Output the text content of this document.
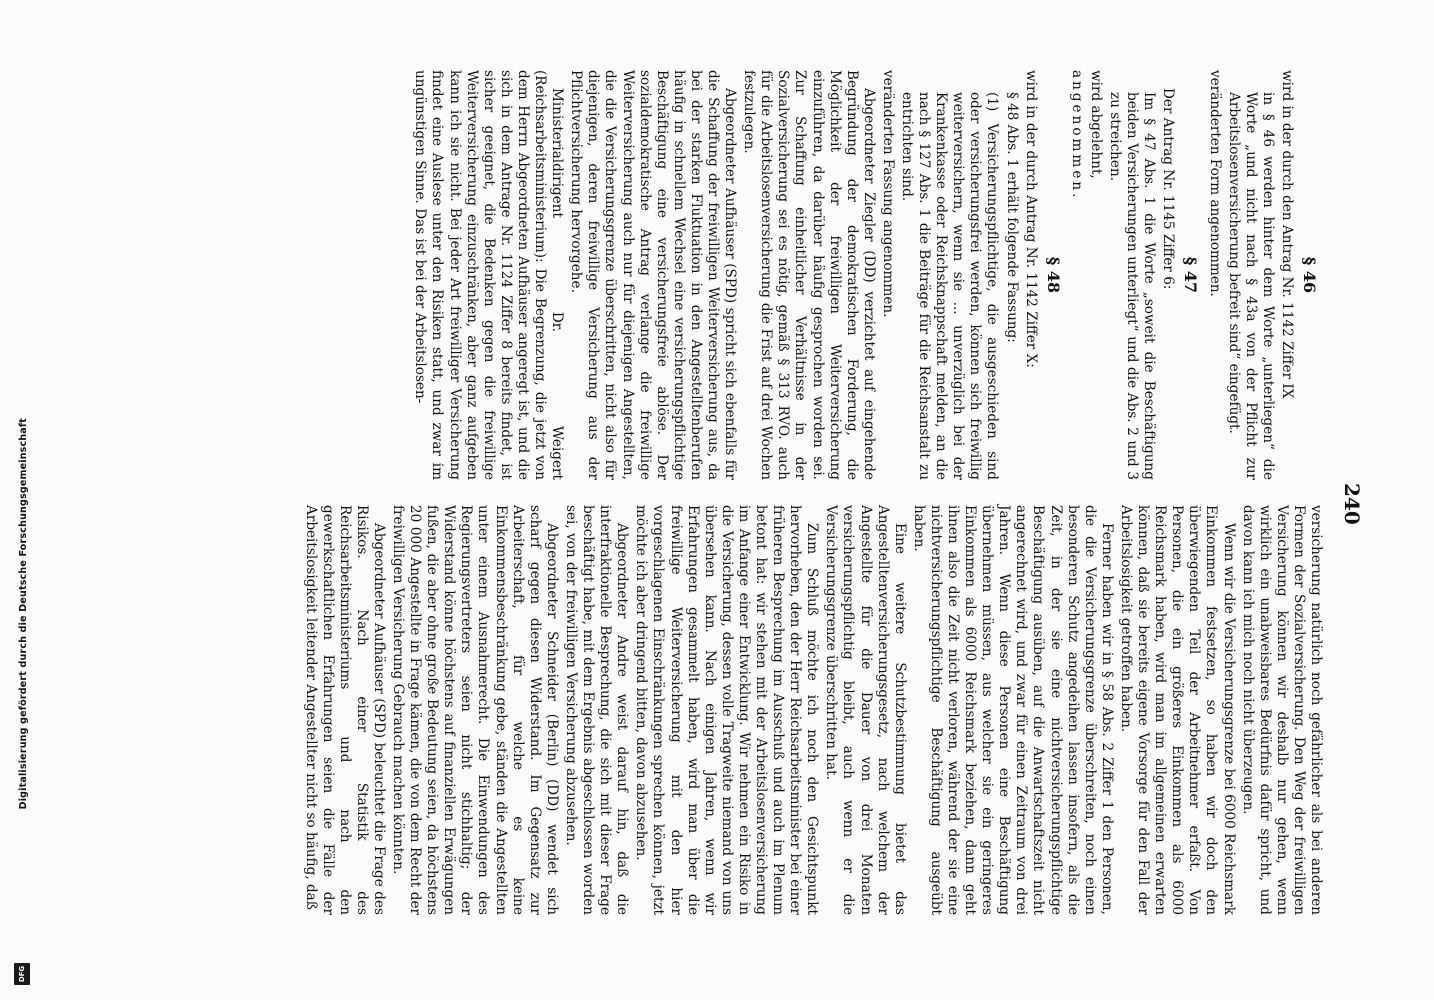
240
§ 46

wird in der durch den Antrag Nr. 1142 Ziffer IX

in § 46 werden hinter dem Worte „unterliegen“ die Worte „und nicht nach § 43a von der Pflicht zur Arbeitslosenversicherung befreit sind“ eingefügt.

veränderten Form angenommen.

§ 47

Der Antrag Nr. 1145 Ziffer 6:

Im § 47 Abs. 1 die Worte „soweit die Beschäftigung beiden Versicherungen unterliegt“ und die Abs. 2 und 3 zu streichen.

wird abgelehnt,

angenommen.

§ 48

wird in der durch Antrag Nr. 1142 Ziffer X:

§ 48 Abs. 1 erhält folgende Fassung:

(1) Versicherungspflichtige, die ausgeschieden sind oder versicherungsfrei werden, können sich freiwillig weiterversichern, wenn sie ... unverzüglich bei der Krankenkasse oder Reichsknappschaft melden, an die nach § 127 Abs. 1 die Beiträge für die Reichsanstalt zu entrichten sind.

veränderten Fassung angenommen.

Abgeordneter Ziegler (DD) verzichtet auf eingehende Begründung der demokratischen Forderung, die Möglichkeit der freiwilligen Weiterversicherung einzuführen, da darüber häufig gesprochen worden sei. Zur Schaffung einheitlicher Verhältnisse in der Sozialversicherung sei es nötig, gemäß § 313 RVO. auch für die Arbeitslosenversicherung die Frist auf drei Wochen festzulegen.

Abgeordneter Aufhäuser (SPD) spricht sich ebenfalls für die Schaffung der freiwilligen Weiterversicherung aus, da bei der starken Fluktuation in den Angestelltenberufen häufig in schnellem Wechsel eine versicherungspflichtige Beschäftigung eine versicherungsfreie ablöse. Der sozialdemokratische Antrag verlange die freiwillige Weiterversicherung auch nur für diejenigen Angestellten, die die Versicherungsgrenze überschritten, nicht also für diejenigen, deren freiwillige Versicherung aus der Pflichtversicherung hervorgehe.

Ministerialdirigent Dr. Weigert (Reichsarbeitsministerium): Die Begrenzung, die jetzt von dem Herrn Abgeordneten Aufhäuser angeregt ist, und die sich in dem Antrage Nr. 1124 Ziffer 8 bereits findet, ist sicher geeignet, die Bedenken gegen die freiwillige Weiterversicherung einzuschränken, aber ganz aufgeben kann ich sie nicht. Bei jeder Art freiwilliger Versicherung findet eine Auslese unter den Risiken statt, und zwar im ungünstigen Sinne. Das ist bei der Arbeitslosen-

versicherung natürlich noch gefährlicher als bei anderen Formen der Sozialversicherung. Den Weg der freiwilligen Versicherung können wir deshalb nur gehen, wenn wirklich ein unabweisbares Bedürfnis dafür spricht, und davon kann ich mich noch nicht überzeugen.

Wenn wir die Versicherungsgrenze bei 6000 Reichsmark Einkommen festsetzen, so haben wir doch den überwiegenden Teil der Arbeitnehmer erfaßt. Von Personen, die ein größeres Einkommen als 6000 Reichsmark haben, wird man im allgemeinen erwarten können, daß sie bereits eigene Vorsorge für den Fall der Arbeitslosigkeit getroffen haben.

Ferner haben wir in § 58 Abs. 2 Ziffer 1 den Personen, die die Versicherungsgrenze überschreiten, noch einen besonderen Schutz angedeihen lassen insofern, als die Zeit, in der sie eine nichtversicherungspflichtige Beschäftigung ausüben, auf die Anwartschaftszeit nicht angerechnet wird, und zwar für einen Zeitraum von drei Jahren. Wenn diese Personen eine Beschäftigung übernehmen müssen, aus welcher sie ein geringeres Einkommen als 6000 Reichsmark beziehen, dann geht ihnen also die Zeit nicht verloren, während der sie eine nichtversicherungspflichtige Beschäftigung ausgeübt haben.

Eine weitere Schutzbestimmung bietet das Angestelltenversicherungsgesetz, nach welchem der Angestellte für die Dauer von drei Monaten versicherungspflichtig bleibt, auch wenn er die Versicherungsgrenze überschritten hat.

Zum Schluß möchte ich noch den Gesichtspunkt hervorheben, den der Herr Reichsarbeitsminister bei einer früheren Besprechung im Ausschuß und auch im Plenum betont hat: wir stehen mit der Arbeitslosenversicherung im Anfange einer Entwicklung. Wir nehmen ein Risiko in die Versicherung, dessen volle Tragweite niemand von uns übersehen kann. Nach einigen Jahren, wenn wir Erfahrungen gesammelt haben, wird man über die freiwillige Weiterversicherung mit den hier vorgeschlagenen Einschränkungen sprechen können, jetzt möchte ich aber dringend bitten, davon abzusehen.

Abgeordneter Andre weist darauf hin, daß die interfraktionelle Besprechung, die sich mit dieser Frage beschäftigt habe, mit dem Ergebnis abgeschlossen worden sei, von der freiwilligen Versicherung abzusehen.

Abgeordneter Schneider (Berlin) (DD) wendet sich scharf gegen diesen Widerstand. Im Gegensatz zur Arbeiterschaft, für welche es keine Einkommensbeschränkung gebe, ständen die Angestellten unter einem Ausnahmerecht. Die Einwendungen des Regierungsvertreters seien nicht stichhaltig; der Widerstand könne höchstens auf finanziellen Erwägungen fußen, die aber ohne große Bedeutung seien, da höchstens 20 000 Angestellte in Frage kämen, die von dem Recht der freiwilligen Versicherung Gebrauch machen könnten.

Abgeordneter Aufhäuser (SPD) beleuchtet die Frage des Risikos. Nach einer Statistik des Reichsarbeitsministeriums und nach den gewerkschaftlichen Erfahrungen seien die Fälle der Arbeitslosigkeit leitender Angestellter nicht so häufig, daß

Digitalisierung gefördert durch die Deutsche Forschungsgemeinschaft
DFG
